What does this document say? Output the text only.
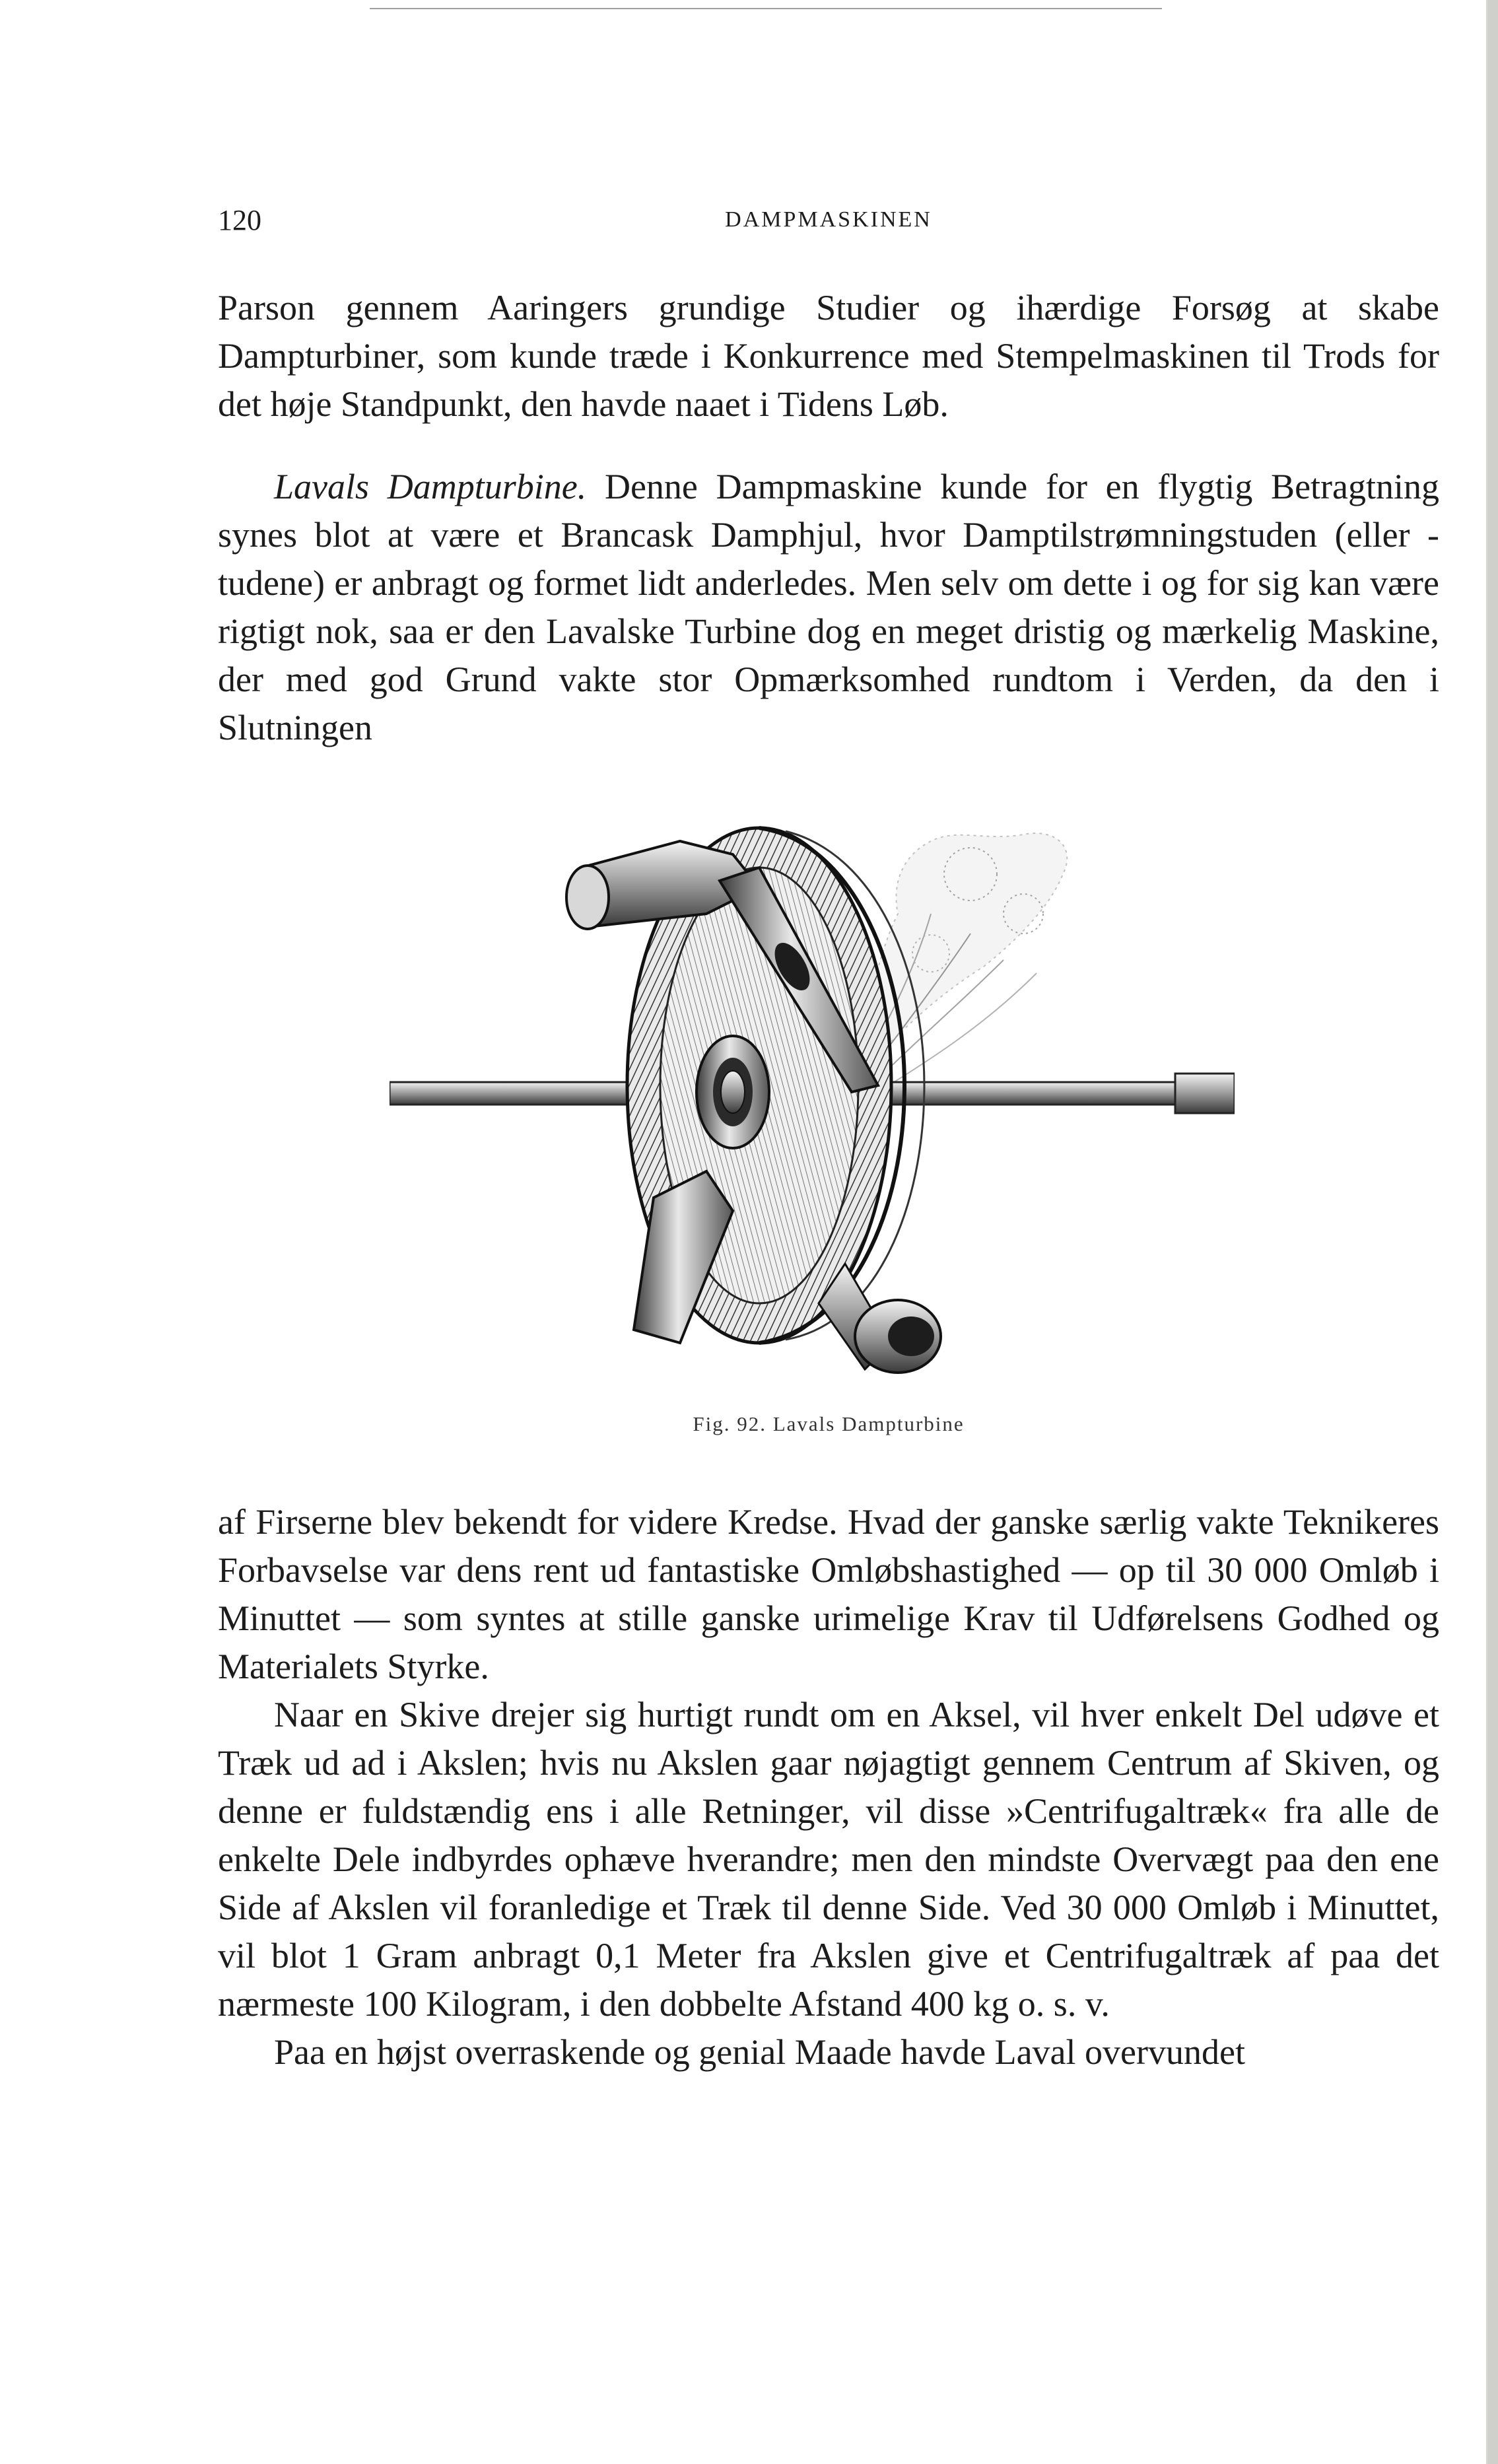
120	DAMPMASKINEN

Parson gennem Aaringers grundige Studier og ihærdige Forsøg at skabe Dampturbiner, som kunde træde i Konkurrence med Stempelmaskinen til Trods for det høje Standpunkt, den havde naaet i Tidens Løb.

Lavals Dampturbine. Denne Dampmaskine kunde for en flygtig Betragtning synes blot at være et Brancask Damphjul, hvor Damptilstrømningstuden (eller -tudene) er anbragt og formet lidt anderledes. Men selv om dette i og for sig kan være rigtigt nok, saa er den Lavalske Turbine dog en meget dristig og mærkelig Maskine, der med god Grund vakte stor Opmærksomhed rundtom i Verden, da den i Slutningen

Fig. 92. Lavals Dampturbine

af Firserne blev bekendt for videre Kredse. Hvad der ganske særlig vakte Teknikeres Forbavselse var dens rent ud fantastiske Omløbshastighed — op til 30 000 Omløb i Minuttet — som syntes at stille ganske urimelige Krav til Udførelsens Godhed og Materialets Styrke.

Naar en Skive drejer sig hurtigt rundt om en Aksel, vil hver enkelt Del udøve et Træk ud ad i Akslen; hvis nu Akslen gaar nøjagtigt gennem Centrum af Skiven, og denne er fuldstændig ens i alle Retninger, vil disse »Centrifugaltræk« fra alle de enkelte Dele indbyrdes ophæve hverandre; men den mindste Overvægt paa den ene Side af Akslen vil foranledige et Træk til denne Side. Ved 30 000 Omløb i Minuttet, vil blot 1 Gram anbragt 0,1 Meter fra Akslen give et Centrifugaltræk af paa det nærmeste 100 Kilogram, i den dobbelte Afstand 400 kg o. s. v.

Paa en højst overraskende og genial Maade havde Laval overvundet
